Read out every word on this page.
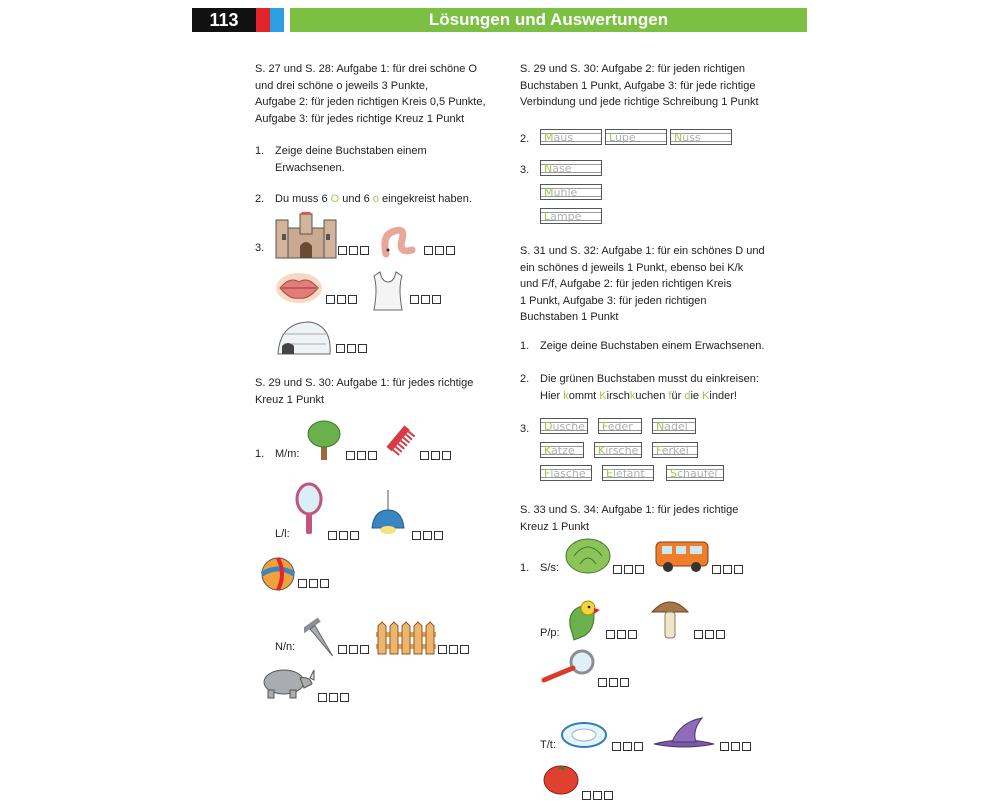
113	Lösungen und Auswertungen
S. 27 und S. 28: Aufgabe 1: für drei schöne O
und drei schöne o jeweils 3 Punkte,
Aufgabe 2: für jeden richtigen Kreis 0,5 Punkte,
Aufgabe 3: für jedes richtige Kreuz 1 Punkt
1. Zeige deine Buchstaben einem
Erwachsenen.
2. Du muss 6 O und 6 o eingekreist haben.
3.
S. 29 und S. 30: Aufgabe 1: für jedes richtige
Kreuz 1 Punkt
1. M/m:
L/l:
N/n:
S. 29 und S. 30: Aufgabe 2: für jeden richtigen
Buchstaben 1 Punkt, Aufgabe 3: für jede richtige
Verbindung und jede richtige Schreibung 1 Punkt
2.	Maus	Lupe	Nuss
3.	Nase
Mühle
Lampe
S. 31 und S. 32: Aufgabe 1: für ein schönes D und
ein schönes d jeweils 1 Punkt, ebenso bei K/k
und F/f, Aufgabe 2: für jeden richtigen Kreis
1 Punkt, Aufgabe 3: für jeden richtigen
Buchstaben 1 Punkt
1. Zeige deine Buchstaben einem Erwachsenen.
2. Die grünen Buchstaben musst du einkreisen:
Hier kommt Kirschkuchen für die Kinder!
3.	Dusche	Feder	Nadel
Katze	Kirsche	Ferkel
Flasche	Elefant	Schaufel
S. 33 und S. 34: Aufgabe 1: für jedes richtige
Kreuz 1 Punkt
1. S/s:
P/p:
T/t:
